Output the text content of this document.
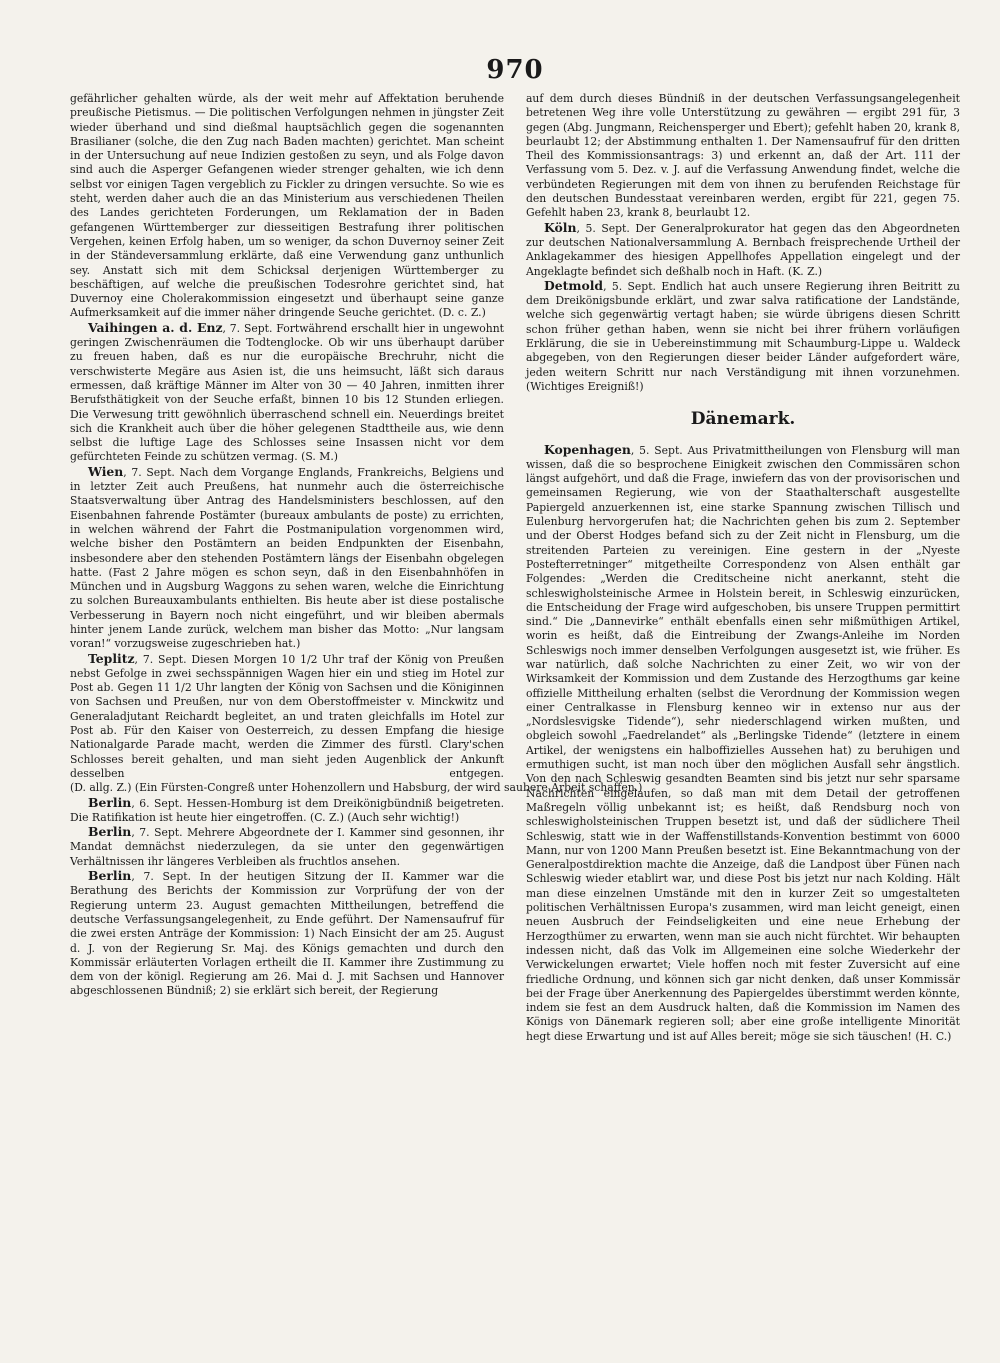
970

gefährlicher gehalten würde, als der weit mehr auf Affektation beruhende preußische Pietismus. — Die politischen Verfolgungen nehmen in jüngster Zeit wieder überhand und sind dießmal hauptsächlich gegen die sogenannten Brasilianer (solche, die den Zug nach Baden machten) gerichtet. Man scheint in der Untersuchung auf neue Indizien gestoßen zu seyn, und als Folge davon sind auch die Asperger Gefangenen wieder strenger gehalten, wie ich denn selbst vor einigen Tagen vergeblich zu Fickler zu dringen versuchte. So wie es steht, werden daher auch die an das Ministerium aus verschiedenen Theilen des Landes gerichteten Forderungen, um Reklamation der in Baden gefangenen Württemberger zur diesseitigen Bestrafung ihrer politischen Vergehen, keinen Erfolg haben, um so weniger, da schon Duvernoy seiner Zeit in der Ständeversammlung erklärte, daß eine Verwendung ganz unthunlich sey. Anstatt sich mit dem Schicksal derjenigen Württemberger zu beschäftigen, auf welche die preußischen Todesrohre gerichtet sind, hat Duvernoy eine Cholerakommission eingesetzt und überhaupt seine ganze Aufmerksamkeit auf die immer näher dringende Seuche gerichtet. (D. c. Z.)

Vaihingen a. d. Enz, 7. Sept. Fortwährend erschallt hier in ungewohnt geringen Zwischenräumen die Todtenglocke. Ob wir uns überhaupt darüber zu freuen haben, daß es nur die europäische Brechruhr, nicht die verschwisterte Megäre aus Asien ist, die uns heimsucht, läßt sich daraus ermessen, daß kräftige Männer im Alter von 30 — 40 Jahren, inmitten ihrer Berufsthätigkeit von der Seuche erfaßt, binnen 10 bis 12 Stunden erliegen. Die Verwesung tritt gewöhnlich überraschend schnell ein. Neuerdings breitet sich die Krankheit auch über die höher gelegenen Stadttheile aus, wie denn selbst die luftige Lage des Schlosses seine Insassen nicht vor dem gefürchteten Feinde zu schützen vermag. (S. M.)

Wien, 7. Sept. Nach dem Vorgange Englands, Frankreichs, Belgiens und in letzter Zeit auch Preußens, hat nunmehr auch die österreichische Staatsverwaltung über Antrag des Handelsministers beschlossen, auf den Eisenbahnen fahrende Postämter (bureaux ambulants de poste) zu errichten, in welchen während der Fahrt die Postmanipulation vorgenommen wird, welche bisher den Postämtern an beiden Endpunkten der Eisenbahn, insbesondere aber den stehenden Postämtern längs der Eisenbahn obgelegen hatte. (Fast 2 Jahre mögen es schon seyn, daß in den Eisenbahnhöfen in München und in Augsburg Waggons zu sehen waren, welche die Einrichtung zu solchen Bureauxambulants enthielten. Bis heute aber ist diese postalische Verbesserung in Bayern noch nicht eingeführt, und wir bleiben abermals hinter jenem Lande zurück, welchem man bisher das Motto: „Nur langsam voran!“ vorzugsweise zugeschrieben hat.)

Teplitz, 7. Sept. Diesen Morgen 10 1/2 Uhr traf der König von Preußen nebst Gefolge in zwei sechsspännigen Wagen hier ein und stieg im Hotel zur Post ab. Gegen 11 1/2 Uhr langten der König von Sachsen und die Königinnen von Sachsen und Preußen, nur von dem Oberstoffmeister v. Minckwitz und Generaladjutant Reichardt begleitet, an und traten gleichfalls im Hotel zur Post ab. Für den Kaiser von Oesterreich, zu dessen Empfang die hiesige Nationalgarde Parade macht, werden die Zimmer des fürstl. Clary'schen Schlosses bereit gehalten, und man sieht jeden Augenblick der Ankunft desselben entgegen. (D. allg. Z.) (Ein Fürsten-Congreß unter Hohenzollern und Habsburg, der wird saubere Arbeit schaffen.)

Berlin, 6. Sept. Hessen-Homburg ist dem Dreikönigbündniß beigetreten. Die Ratifikation ist heute hier eingetroffen. (C. Z.) (Auch sehr wichtig!)

Berlin, 7. Sept. Mehrere Abgeordnete der I. Kammer sind gesonnen, ihr Mandat demnächst niederzulegen, da sie unter den gegenwärtigen Verhältnissen ihr längeres Verbleiben als fruchtlos ansehen.

Berlin, 7. Sept. In der heutigen Sitzung der II. Kammer war die Berathung des Berichts der Kommission zur Vorprüfung der von der Regierung unterm 23. August gemachten Mittheilungen, betreffend die deutsche Verfassungsangelegenheit, zu Ende geführt. Der Namensaufruf für die zwei ersten Anträge der Kommission: 1) Nach Einsicht der am 25. August d. J. von der Regierung Sr. Maj. des Königs gemachten und durch den Kommissär erläuterten Vorlagen ertheilt die II. Kammer ihre Zustimmung zu dem von der königl. Regierung am 26. Mai d. J. mit Sachsen und Hannover abgeschlossenen Bündniß; 2) sie erklärt sich bereit, der Regierung

auf dem durch dieses Bündniß in der deutschen Verfassungsangelegenheit betretenen Weg ihre volle Unterstützung zu gewähren — ergibt 291 für, 3 gegen (Abg. Jungmann, Reichensperger und Ebert); gefehlt haben 20, krank 8, beurlaubt 12; der Abstimmung enthalten 1. Der Namensaufruf für den dritten Theil des Kommissionsantrags: 3) und erkennt an, daß der Art. 111 der Verfassung vom 5. Dez. v. J. auf die Verfassung Anwendung findet, welche die verbündeten Regierungen mit dem von ihnen zu berufenden Reichstage für den deutschen Bundesstaat vereinbaren werden, ergibt für 221, gegen 75. Gefehlt haben 23, krank 8, beurlaubt 12.

Köln, 5. Sept. Der Generalprokurator hat gegen das den Abgeordneten zur deutschen Nationalversammlung A. Bernbach freisprechende Urtheil der Anklagekammer des hiesigen Appellhofes Appellation eingelegt und der Angeklagte befindet sich deßhalb noch in Haft. (K. Z.)

Detmold, 5. Sept. Endlich hat auch unsere Regierung ihren Beitritt zu dem Dreikönigsbunde erklärt, und zwar salva ratificatione der Landstände, welche sich gegenwärtig vertagt haben; sie würde übrigens diesen Schritt schon früher gethan haben, wenn sie nicht bei ihrer frühern vorläufigen Erklärung, die sie in Uebereinstimmung mit Schaumburg-Lippe u. Waldeck abgegeben, von den Regierungen dieser beider Länder aufgefordert wäre, jeden weitern Schritt nur nach Verständigung mit ihnen vorzunehmen. (Wichtiges Ereigniß!)

Dänemark.

Kopenhagen, 5. Sept. Aus Privatmittheilungen von Flensburg will man wissen, daß die so besprochene Einigkeit zwischen den Commissären schon längst aufgehört, und daß die Frage, inwiefern das von der provisorischen und gemeinsamen Regierung, wie von der Staathalterschaft ausgestellte Papiergeld anzuerkennen ist, eine starke Spannung zwischen Tillisch und Eulenburg hervorgerufen hat; die Nachrichten gehen bis zum 2. September und der Oberst Hodges befand sich zu der Zeit nicht in Flensburg, um die streitenden Parteien zu vereinigen. Eine gestern in der „Nyeste Postefterretninger“ mitgetheilte Correspondenz von Alsen enthält gar Folgendes: „Werden die Creditscheine nicht anerkannt, steht die schleswigholsteinische Armee in Holstein bereit, in Schleswig einzurücken, die Entscheidung der Frage wird aufgeschoben, bis unsere Truppen permittirt sind.“ Die „Dannevirke“ enthält ebenfalls einen sehr mißmüthigen Artikel, worin es heißt, daß die Eintreibung der Zwangs-Anleihe im Norden Schleswigs noch immer denselben Verfolgungen ausgesetzt ist, wie früher. Es war natürlich, daß solche Nachrichten zu einer Zeit, wo wir von der Wirksamkeit der Kommission und dem Zustande des Herzogthums gar keine offizielle Mittheilung erhalten (selbst die Verordnung der Kommission wegen einer Centralkasse in Flensburg kenneo wir in extenso nur aus der „Nordslesvigske Tidende“), sehr niederschlagend wirken mußten, und obgleich sowohl „Faedrelandet“ als „Berlingske Tidende“ (letztere in einem Artikel, der wenigstens ein halboffizielles Aussehen hat) zu beruhigen und ermuthigen sucht, ist man noch über den möglichen Ausfall sehr ängstlich. Von den nach Schleswig gesandten Beamten sind bis jetzt nur sehr sparsame Nachrichten eingelaufen, so daß man mit dem Detail der getroffenen Maßregeln völlig unbekannt ist; es heißt, daß Rendsburg noch von schleswigholsteinischen Truppen besetzt ist, und daß der südlichere Theil Schleswig, statt wie in der Waffenstillstands-Konvention bestimmt von 6000 Mann, nur von 1200 Mann Preußen besetzt ist. Eine Bekanntmachung von der Generalpostdirektion machte die Anzeige, daß die Landpost über Fünen nach Schleswig wieder etablirt war, und diese Post bis jetzt nur nach Kolding. Hält man diese einzelnen Umstände mit den in kurzer Zeit so umgestalteten politischen Verhältnissen Europa's zusammen, wird man leicht geneigt, einen neuen Ausbruch der Feindseligkeiten und eine neue Erhebung der Herzogthümer zu erwarten, wenn man sie auch nicht fürchtet. Wir behaupten indessen nicht, daß das Volk im Allgemeinen eine solche Wiederkehr der Verwickelungen erwartet; Viele hoffen noch mit fester Zuversicht auf eine friedliche Ordnung, und können sich gar nicht denken, daß unser Kommissär bei der Frage über Anerkennung des Papiergeldes überstimmt werden könnte, indem sie fest an dem Ausdruck halten, daß die Kommission im Namen des Königs von Dänemark regieren soll; aber eine große intelligente Minorität hegt diese Erwartung und ist auf Alles bereit; möge sie sich täuschen! (H. C.)
